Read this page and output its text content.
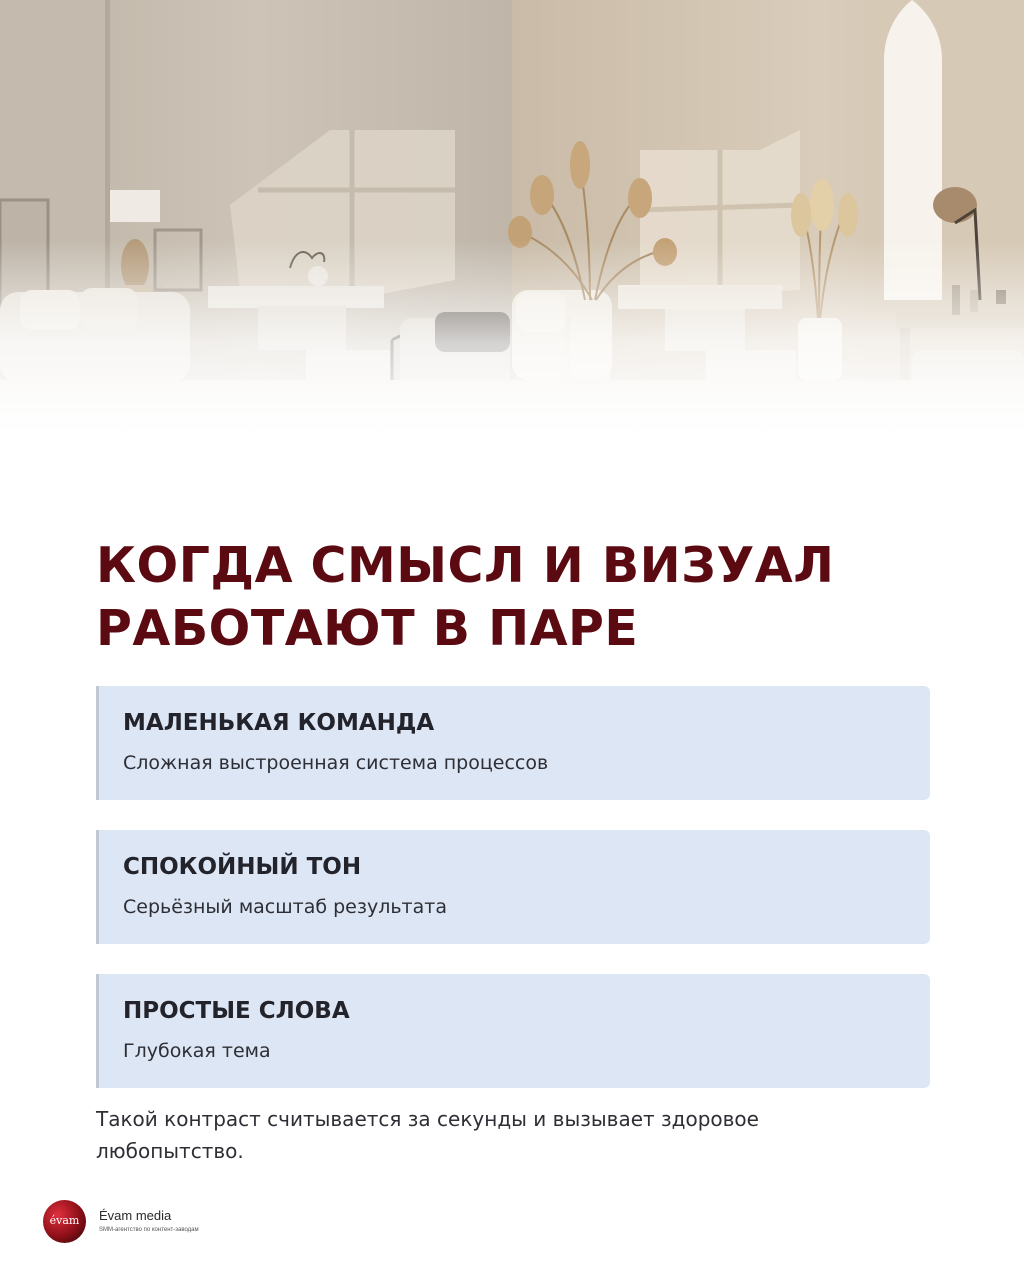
КОГДА СМЫСЛ И ВИЗУАЛ
РАБОТАЮТ В ПАРЕ
МАЛЕНЬКАЯ КОМАНДА
Сложная выстроенная система процессов
СПОКОЙНЫЙ ТОН
Серьёзный масштаб результата
ПРОСТЫЕ СЛОВА
Глубокая тема

Такой контраст считывается за секунды и вызывает здоровое любопытство.

évam	Évam media
SMM-агентство по контент-заводам
